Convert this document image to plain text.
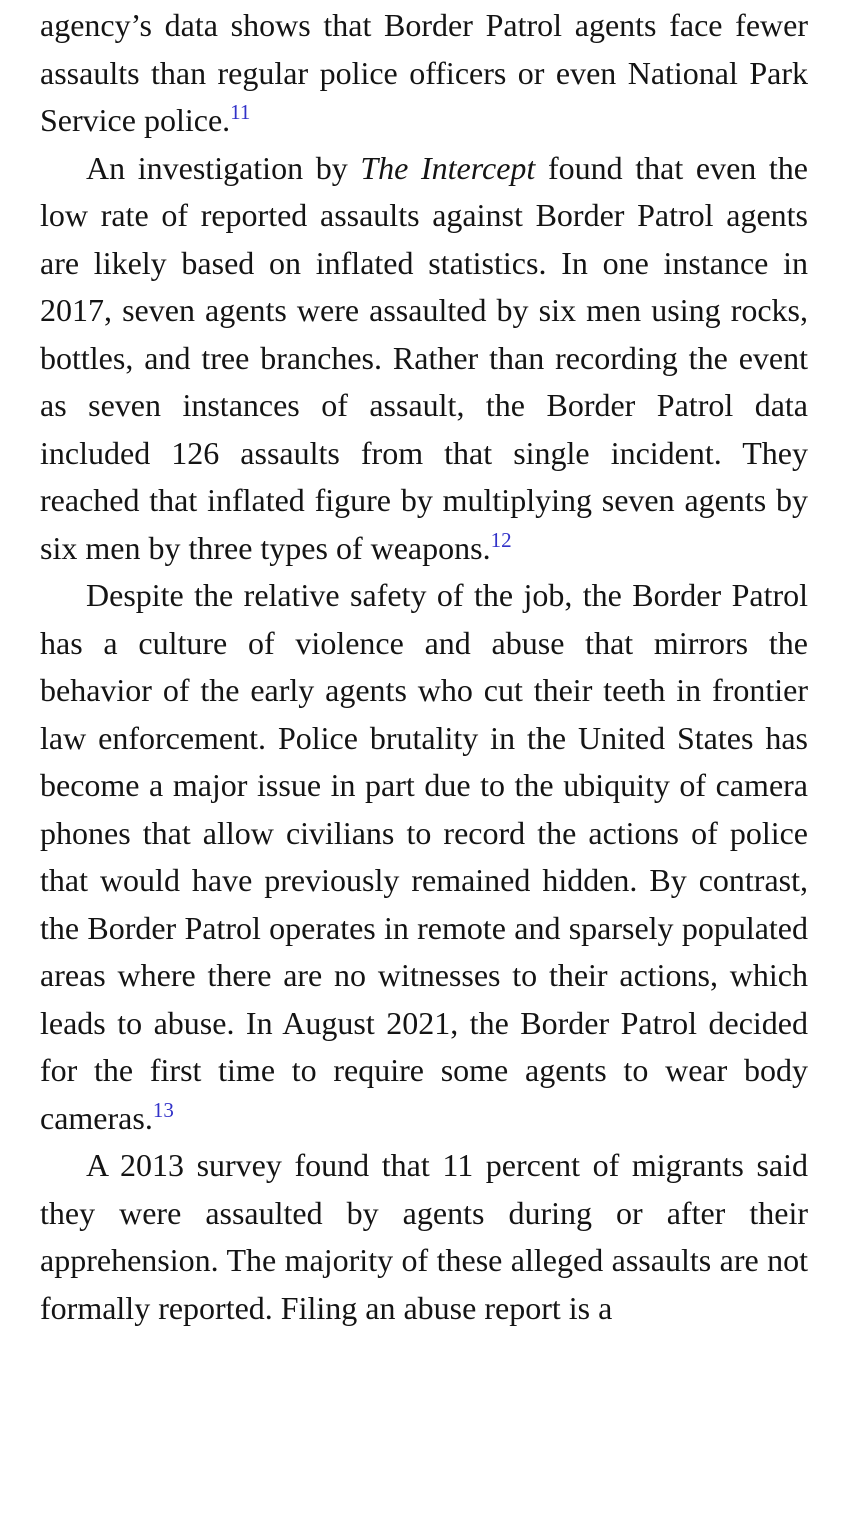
agency’s data shows that Border Patrol agents face fewer assaults than regular police officers or even National Park Service police.$^{11}$

An investigation by The Intercept found that even the low rate of reported assaults against Border Patrol agents are likely based on inflated statistics. In one instance in 2017, seven agents were assaulted by six men using rocks, bottles, and tree branches. Rather than recording the event as seven instances of assault, the Border Patrol data included 126 assaults from that single incident. They reached that inflated figure by multiplying seven agents by six men by three types of weapons.$^{12}$

Despite the relative safety of the job, the Border Patrol has a culture of violence and abuse that mirrors the behavior of the early agents who cut their teeth in frontier law enforcement. Police brutality in the United States has become a major issue in part due to the ubiquity of camera phones that allow civilians to record the actions of police that would have previously remained hidden. By contrast, the Border Patrol operates in remote and sparsely populated areas where there are no witnesses to their actions, which leads to abuse. In August 2021, the Border Patrol decided for the first time to require some agents to wear body cameras.$^{13}$

A 2013 survey found that 11 percent of migrants said they were assaulted by agents during or after their apprehension. The majority of these alleged assaults are not formally reported. Filing an abuse report is a
